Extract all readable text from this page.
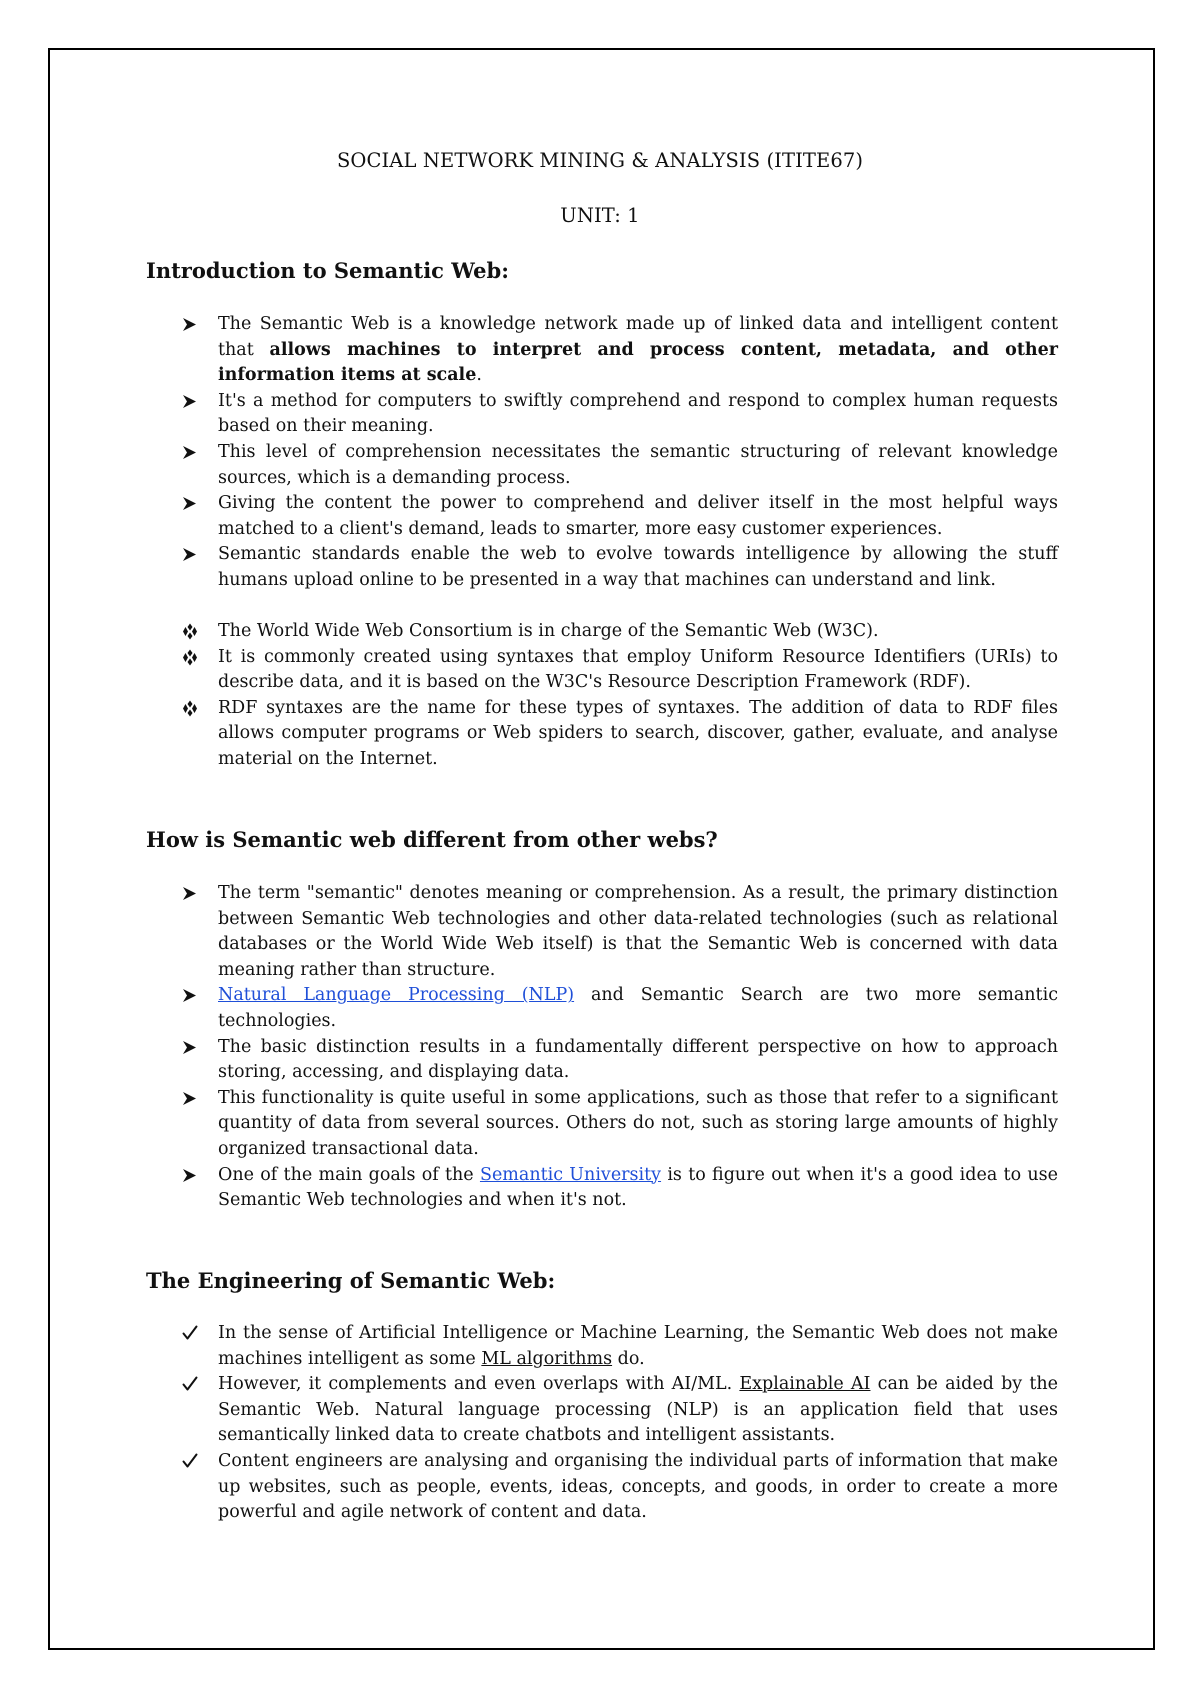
SOCIAL NETWORK MINING & ANALYSIS (ITITE67)
UNIT: 1
Introduction to Semantic Web:
The Semantic Web is a knowledge network made up of linked data and intelligent content that allows machines to interpret and process content, metadata, and other information items at scale.
It's a method for computers to swiftly comprehend and respond to complex human requests based on their meaning.
This level of comprehension necessitates the semantic structuring of relevant knowledge sources, which is a demanding process.
Giving the content the power to comprehend and deliver itself in the most helpful ways matched to a client's demand, leads to smarter, more easy customer experiences.
Semantic standards enable the web to evolve towards intelligence by allowing the stuff humans upload online to be presented in a way that machines can understand and link.
The World Wide Web Consortium is in charge of the Semantic Web (W3C).
It is commonly created using syntaxes that employ Uniform Resource Identifiers (URIs) to describe data, and it is based on the W3C's Resource Description Framework (RDF).
RDF syntaxes are the name for these types of syntaxes. The addition of data to RDF files allows computer programs or Web spiders to search, discover, gather, evaluate, and analyse material on the Internet.
How is Semantic web different from other webs?
The term "semantic" denotes meaning or comprehension. As a result, the primary distinction between Semantic Web technologies and other data-related technologies (such as relational databases or the World Wide Web itself) is that the Semantic Web is concerned with data meaning rather than structure.
Natural Language Processing (NLP) and Semantic Search are two more semantic technologies.
The basic distinction results in a fundamentally different perspective on how to approach storing, accessing, and displaying data.
This functionality is quite useful in some applications, such as those that refer to a significant quantity of data from several sources. Others do not, such as storing large amounts of highly organized transactional data.
One of the main goals of the Semantic University is to figure out when it's a good idea to use Semantic Web technologies and when it's not.
The Engineering of Semantic Web:
In the sense of Artificial Intelligence or Machine Learning, the Semantic Web does not make machines intelligent as some ML algorithms do.
However, it complements and even overlaps with AI/ML. Explainable AI can be aided by the Semantic Web. Natural language processing (NLP) is an application field that uses semantically linked data to create chatbots and intelligent assistants.
Content engineers are analysing and organising the individual parts of information that make up websites, such as people, events, ideas, concepts, and goods, in order to create a more powerful and agile network of content and data.
